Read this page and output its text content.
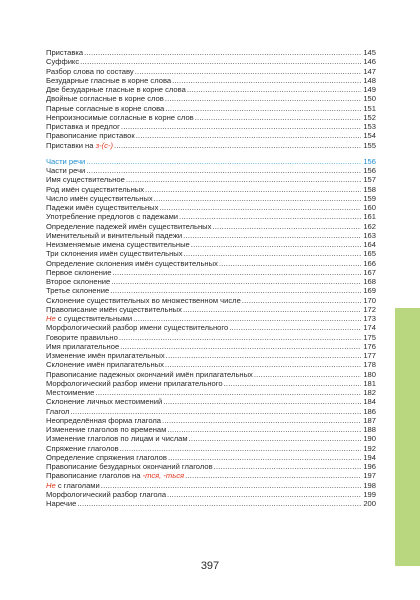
Приставка .....	145
Суффикс .....	146
Разбор слова по составу .....	147
Безударные гласные в корне слова .....	148
Две безударные гласные в корне слова .....	149
Двойные согласные в корне слов .....	150
Парные согласные в корне слова .....	151
Непроизносимые согласные в корне слов .....	152
Приставка и предлог .....	153
Правописание приставок .....	154
Приставки на з-(с-) .....	155
Части речи .....	156
Части речи .....	156
Имя существительное .....	157
Род имён существительных .....	158
Число имён существительных .....	159
Падежи имён существительных .....	160
Употребление предлогов с падежами .....	161
Определение падежей имён существительных .....	162
Именительный и винительный падежи .....	163
Неизменяемые имена существительные .....	164
Три склонения имён существительных .....	165
Определение склонения имён существительных .....	166
Первое склонение .....	167
Второе склонение .....	168
Третье склонение .....	169
Склонение существительных во множественном числе .....	170
Правописание имён существительных .....	172
Не с существительными .....	173
Морфологический разбор имени существительного .....	174
Говорите правильно .....	175
Имя прилагательное .....	176
Изменение имён прилагательных .....	177
Склонение имён прилагательных .....	178
Правописание падежных окончаний имён прилагательных .....	180
Морфологический разбор имени прилагательного .....	181
Местоимение .....	182
Склонение личных местоимений .....	184
Глагол .....	186
Неопределённая форма глагола .....	187
Изменение глаголов по временам .....	188
Изменение глаголов по лицам и числам .....	190
Спряжение глаголов .....	192
Определение спряжения глаголов .....	194
Правописание безударных окончаний глаголов .....	196
Правописание глаголов на -тся, -ться .....	197
Не с глаголами .....	198
Морфологический разбор глагола .....	199
Наречие .....	200
397
